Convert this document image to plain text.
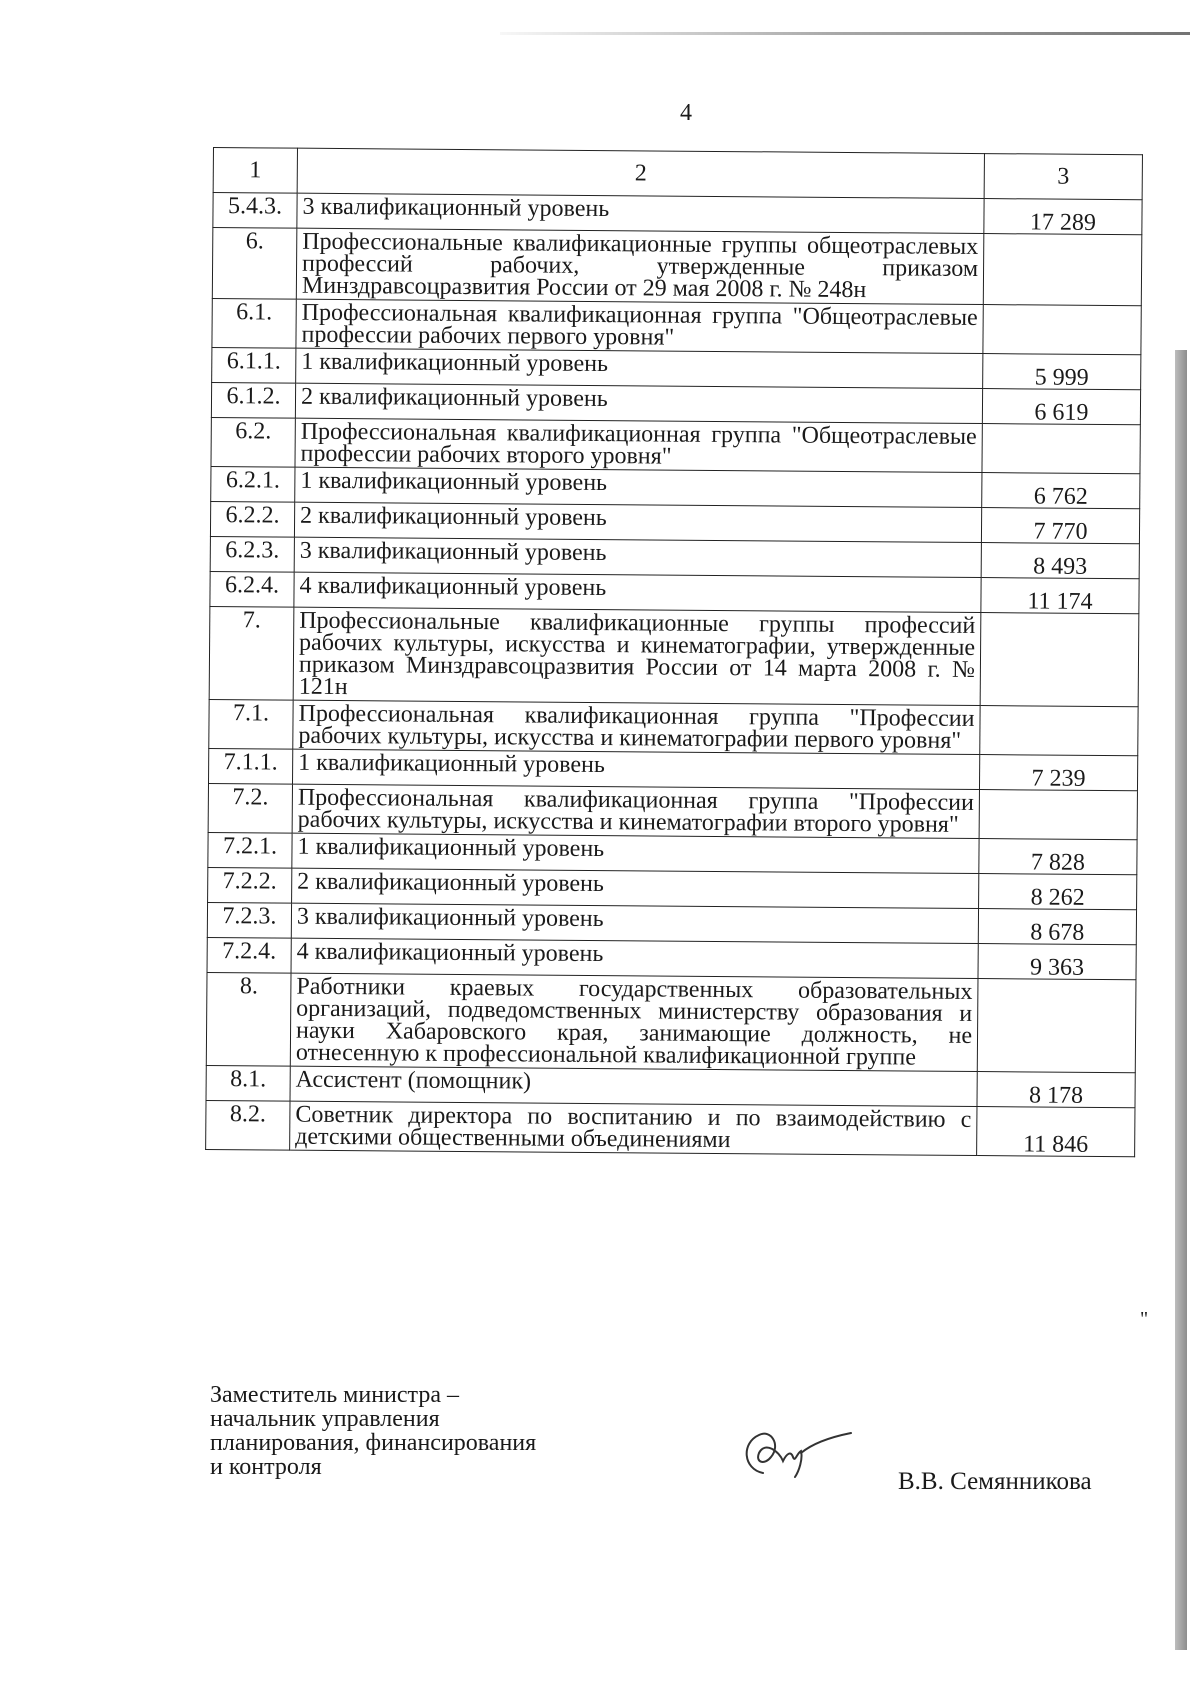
4
1	2	3
5.4.3.	3 квалификационный уровень	17 289
6.	Профессиональные квалификационные группы общеотраслевых профессий рабочих, утвержденные приказом Минздравсоцразвития России от 29 мая 2008 г. № 248н	
6.1.	Профессиональная квалификационная группа "Общеотраслевые профессии рабочих первого уровня"	
6.1.1.	1 квалификационный уровень	5 999
6.1.2.	2 квалификационный уровень	6 619
6.2.	Профессиональная квалификационная группа "Общеотраслевые профессии рабочих второго уровня"	
6.2.1.	1 квалификационный уровень	6 762
6.2.2.	2 квалификационный уровень	7 770
6.2.3.	3 квалификационный уровень	8 493
6.2.4.	4 квалификационный уровень	11 174
7.	Профессиональные квалификационные группы профессий рабочих культуры, искусства и кинематографии, утвержденные приказом Минздравсоцразвития России от 14 марта 2008 г. № 121н	
7.1.	Профессиональная квалификационная группа "Профессии рабочих культуры, искусства и кинематографии первого уровня"	
7.1.1.	1 квалификационный уровень	7 239
7.2.	Профессиональная квалификационная группа "Профессии рабочих культуры, искусства и кинематографии второго уровня"	
7.2.1.	1 квалификационный уровень	7 828
7.2.2.	2 квалификационный уровень	8 262
7.2.3.	3 квалификационный уровень	8 678
7.2.4.	4 квалификационный уровень	9 363
8.	Работники краевых государственных образовательных организаций, подведомственных министерству образования и науки Хабаровского края, занимающие должность, не отнесенную к профессиональной квалификационной группе	
8.1.	Ассистент (помощник)	8 178
8.2.	Советник директора по воспитанию и по взаимодействию с детскими общественными объединениями	11 846
"
Заместитель министра –
начальник управления
планирования, финансирования
и контроля
В.В. Семянникова
